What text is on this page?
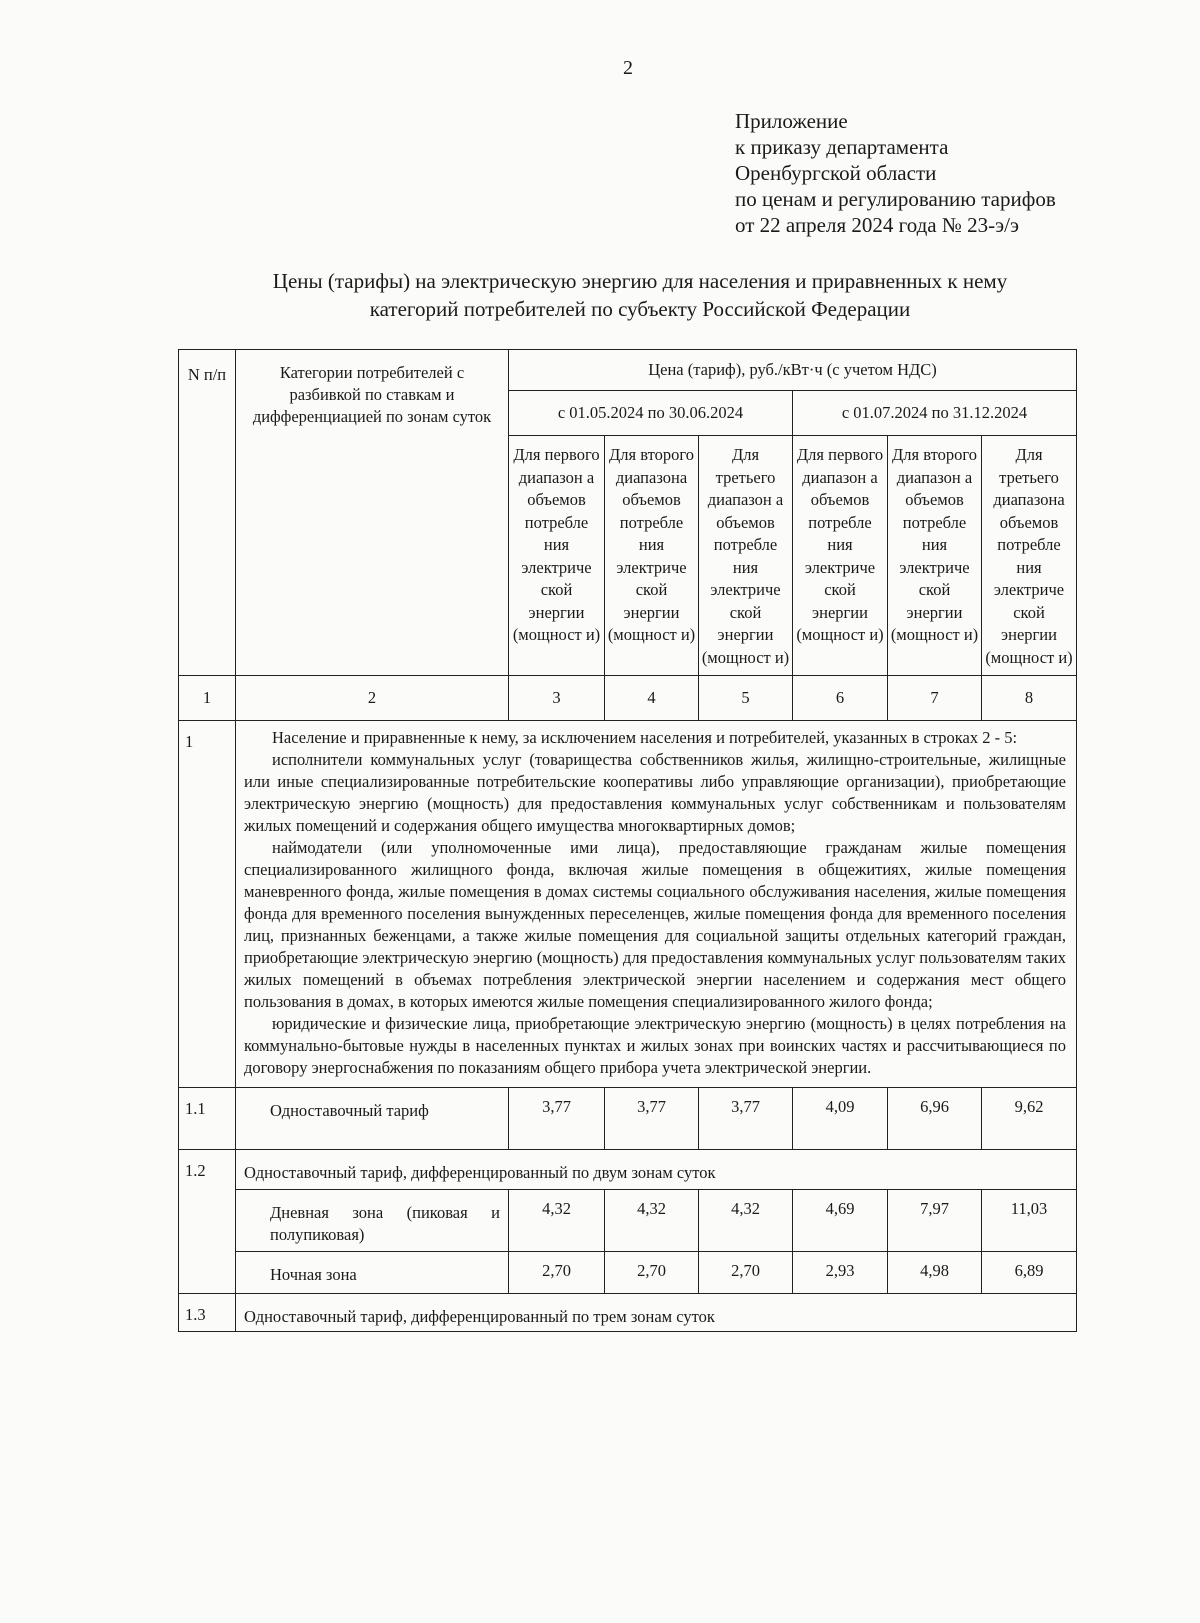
2
Приложение
к приказу департамента
Оренбургской области
по ценам и регулированию тарифов
от 22 апреля 2024 года № 23-э/э
Цены (тарифы) на электрическую энергию для населения и приравненных к нему
категорий потребителей по субъекту Российской Федерации
N п/п	Категории потребителей с разбивкой по ставкам и дифференциацией по зонам суток	Цена (тариф), руб./кВт·ч (с учетом НДС)					
		с 01.05.2024 по 30.06.2024			с 01.07.2024 по 31.12.2024		
		Для первого диапазон а объемов потребле ния электриче ской энергии (мощност и)	Для второго диапазона объемов потребле ния электриче ской энергии (мощност и)	Для третьего диапазон а объемов потребле ния электриче ской энергии (мощност и)	Для первого диапазон а объемов потребле ния электриче ской энергии (мощност и)	Для второго диапазон а объемов потребле ния электриче ской энергии (мощност и)	Для третьего диапазона объемов потребле ния электриче ской энергии (мощност и)
1	2	3	4	5	6	7	8
1	Население и приравненные к нему, за исключением населения и потребителей, указанных в строках 2 - 5:

исполнители коммунальных услуг (товарищества собственников жилья, жилищно-строительные, жилищные или иные специализированные потребительские кооперативы либо управляющие организации), приобретающие электрическую энергию (мощность) для предоставления коммунальных услуг собственникам и пользователям жилых помещений и содержания общего имущества многоквартирных домов;

наймодатели (или уполномоченные ими лица), предоставляющие гражданам жилые помещения специализированного жилищного фонда, включая жилые помещения в общежитиях, жилые помещения маневренного фонда, жилые помещения в домах системы социального обслуживания населения, жилые помещения фонда для временного поселения вынужденных переселенцев, жилые помещения фонда для временного поселения лиц, признанных беженцами, а также жилые помещения для социальной защиты отдельных категорий граждан, приобретающие электрическую энергию (мощность) для предоставления коммунальных услуг пользователям таких жилых помещений в объемах потребления электрической энергии населением и содержания мест общего пользования в домах, в которых имеются жилые помещения специализированного жилого фонда;

юридические и физические лица, приобретающие электрическую энергию (мощность) в целях потребления на коммунально-бытовые нужды в населенных пунктах и жилых зонах при воинских частях и рассчитывающиеся по договору энергоснабжения по показаниям общего прибора учета электрической энергии.						

1.1	Одноставочный тариф	3,77	3,77	3,77	4,09	6,96	9,62
1.2	Одноставочный тариф, дифференцированный по двум зонам суток						
	Дневная зона (пиковая и полупиковая)	4,32	4,32	4,32	4,69	7,97	11,03
	Ночная зона	2,70	2,70	2,70	2,93	4,98	6,89
1.3	Одноставочный тариф, дифференцированный по трем зонам суток						
